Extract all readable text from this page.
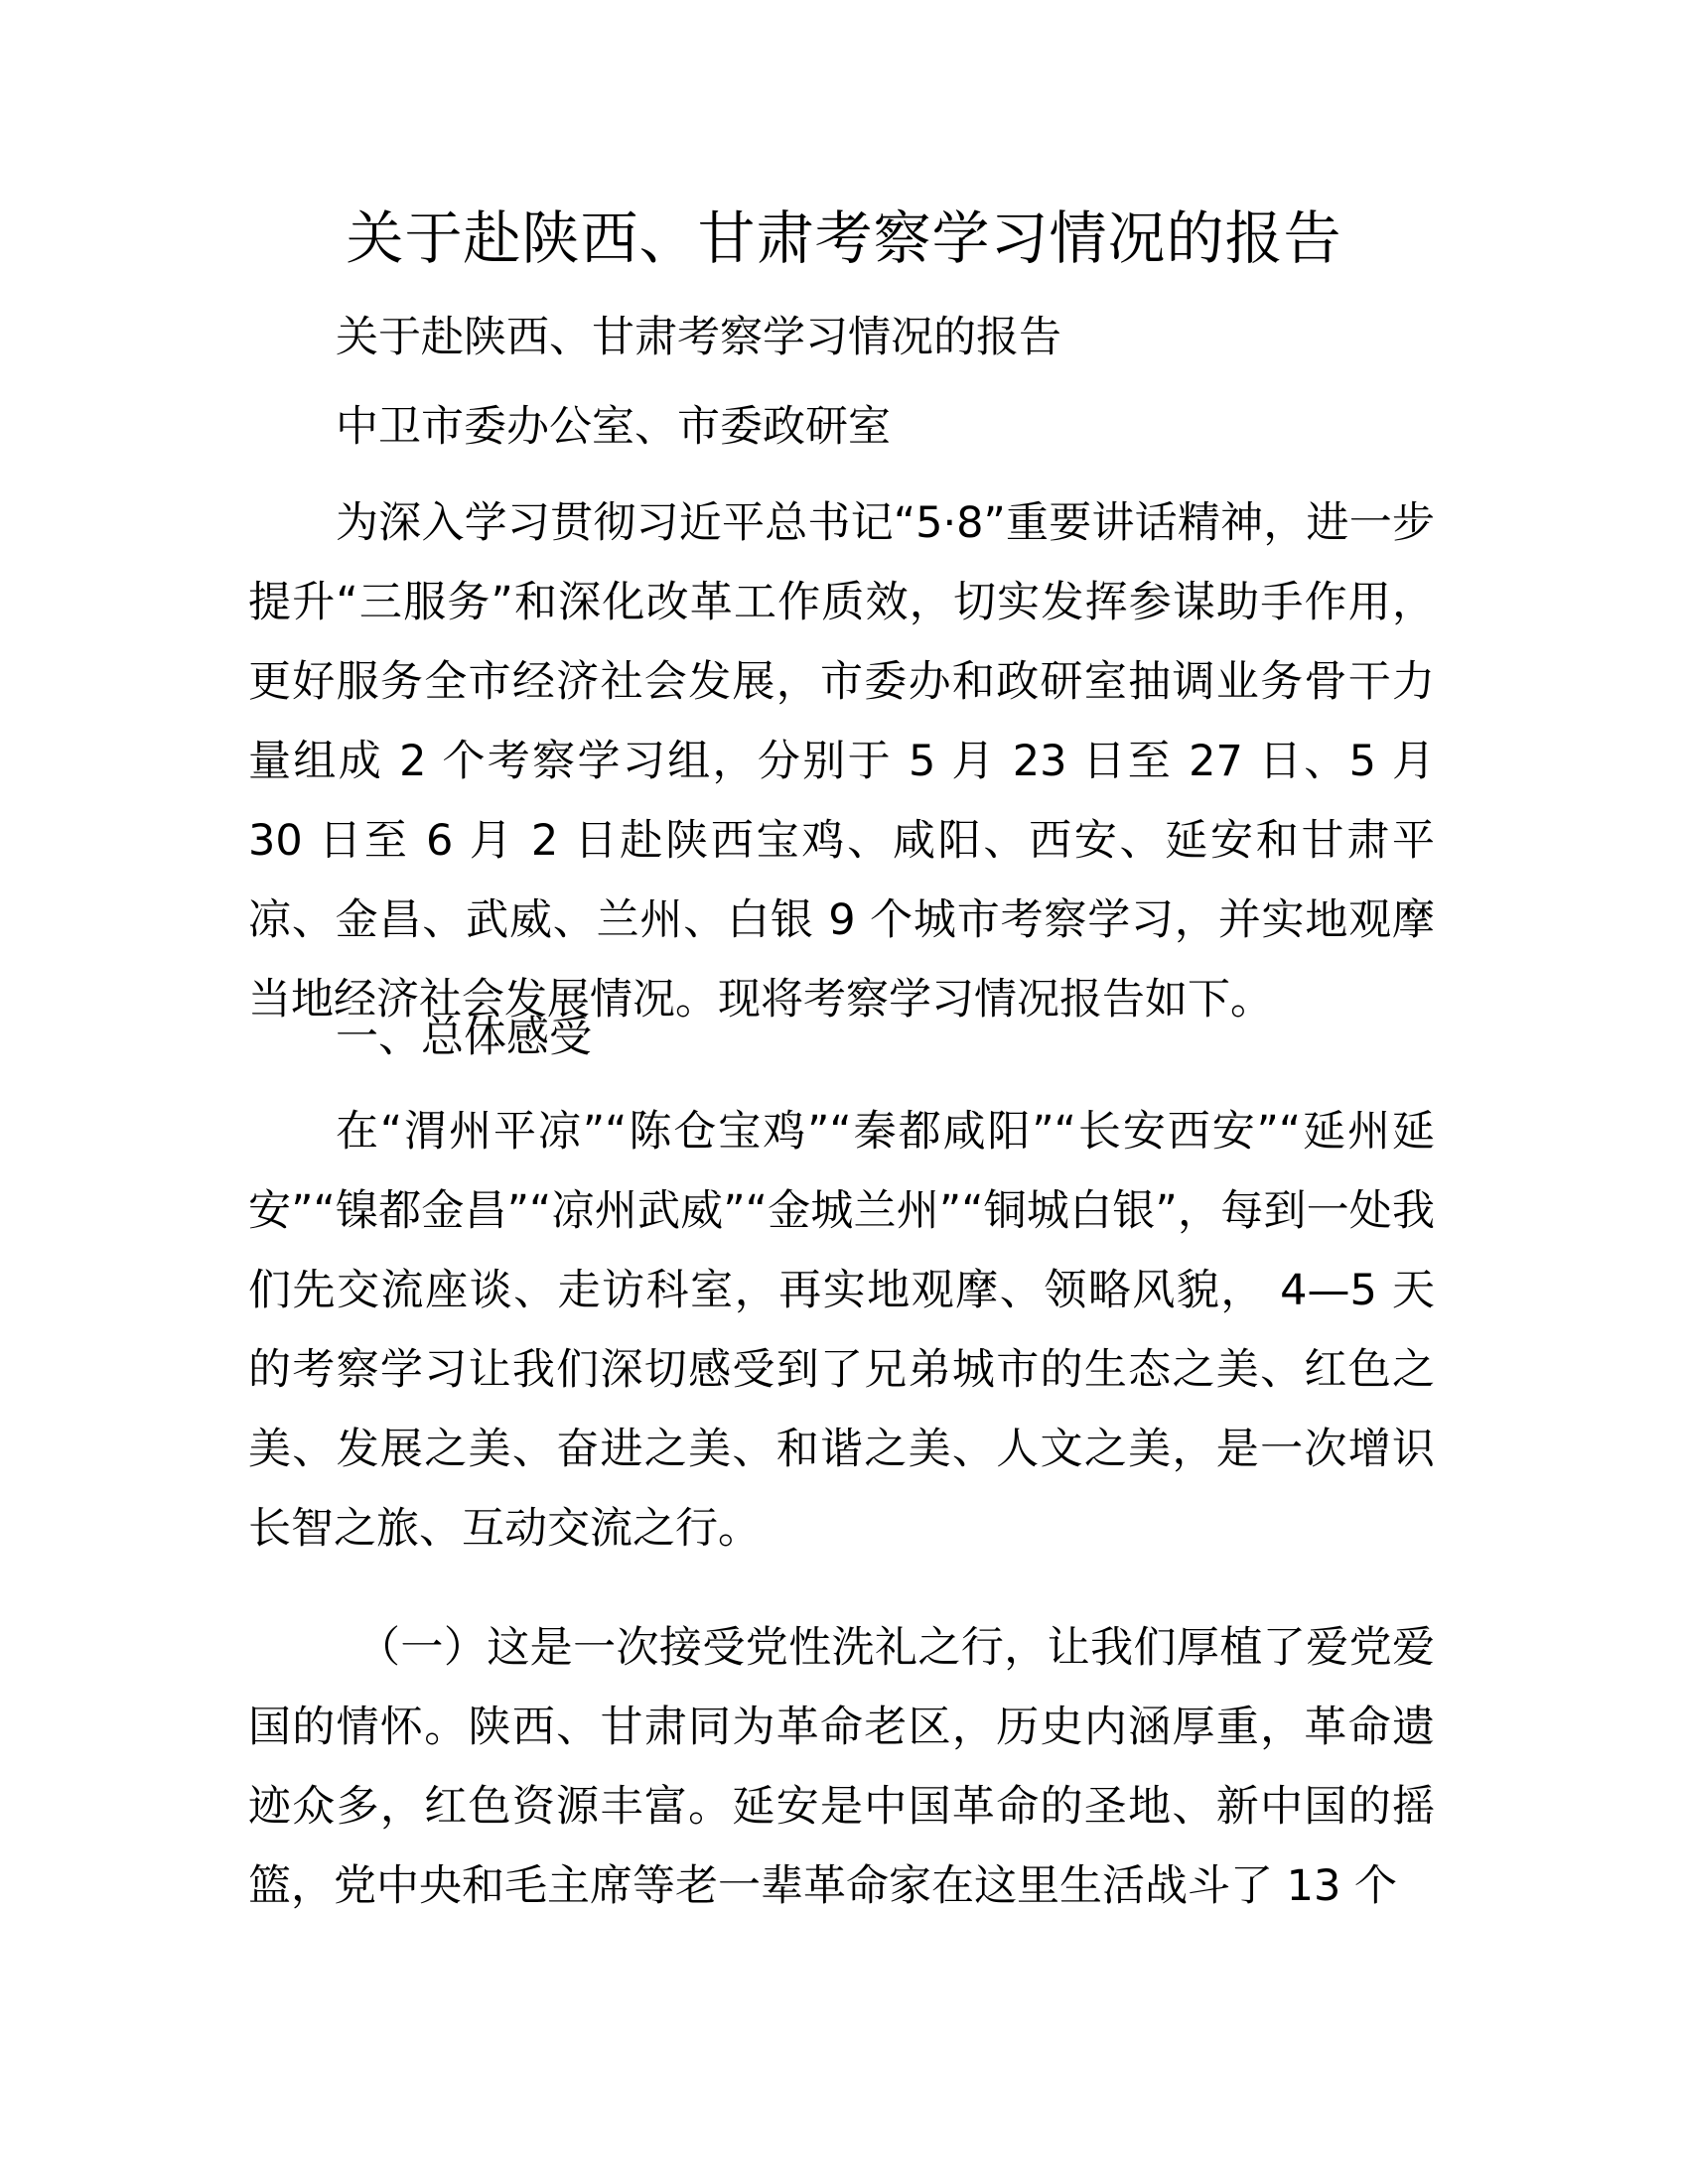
关于赴陕西、甘肃考察学习情况的报告
关于赴陕西、甘肃考察学习情况的报告
中卫市委办公室、市委政研室
为深入学习贯彻习近平总书记“5·8”重要讲话精神，进一步提升“三服务”和深化改革工作质效，切实发挥参谋助手作用，更好服务全市经济社会发展，市委办和政研室抽调业务骨干力量组成 2 个考察学习组，分别于 5 月 23 日至 27 日、5 月 30 日至 6 月 2 日赴陕西宝鸡、咸阳、西安、延安和甘肃平凉、金昌、武威、兰州、白银 9 个城市考察学习，并实地观摩当地经济社会发展情况。现将考察学习情况报告如下。
一、总体感受
在“渭州平凉”“陈仓宝鸡”“秦都咸阳”“长安西安”“延州延安”“镍都金昌”“凉州武威”“金城兰州”“铜城白银”，每到一处我们先交流座谈、走访科室，再实地观摩、领略风貌， 4—5 天的考察学习让我们深切感受到了兄弟城市的生态之美、红色之美、发展之美、奋进之美、和谐之美、人文之美，是一次增识长智之旅、互动交流之行。
（一）这是一次接受党性洗礼之行，让我们厚植了爱党爱国的情怀。陕西、甘肃同为革命老区，历史内涵厚重，革命遗迹众多，红色资源丰富。延安是中国革命的圣地、新中国的摇篮，党中央和毛主席等老一辈革命家在这里生活战斗了 13 个
